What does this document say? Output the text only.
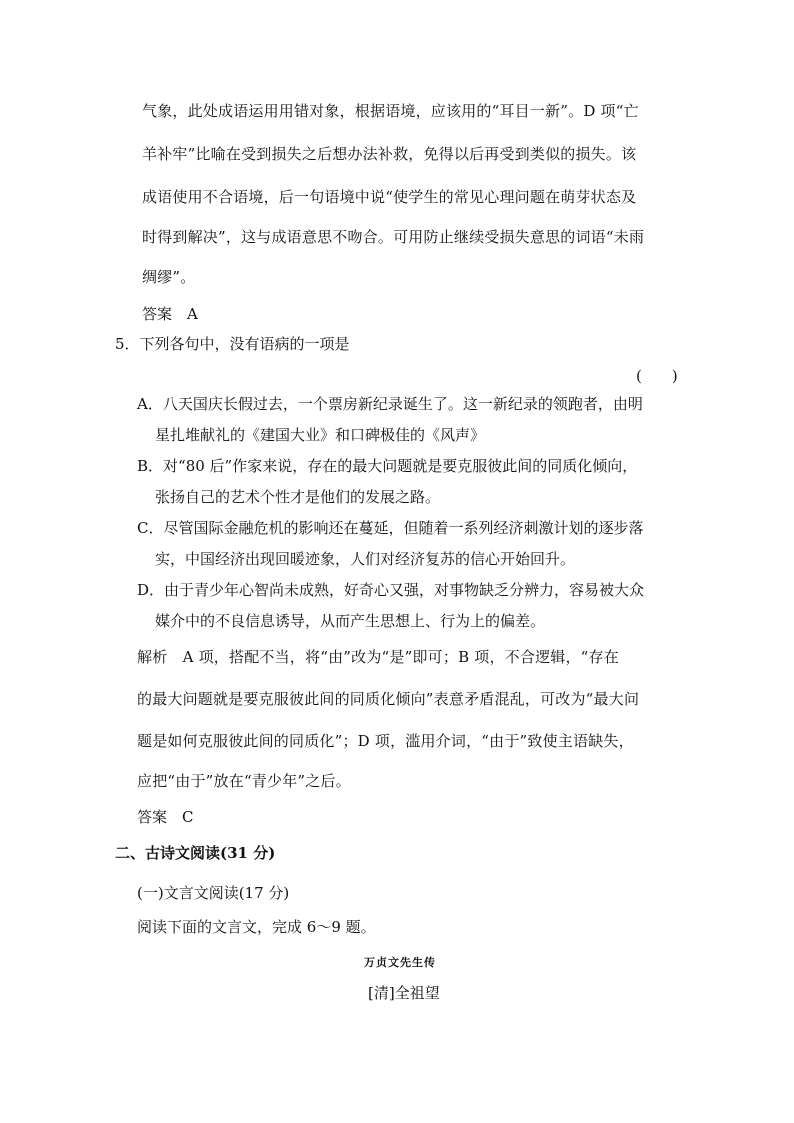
气象，此处成语运用用错对象，根据语境，应该用的“耳目一新”。D 项“亡
羊补牢”比喻在受到损失之后想办法补救，免得以后再受到类似的损失。该
成语使用不合语境，后一句语境中说“使学生的常见心理问题在萌芽状态及
时得到解决”，这与成语意思不吻合。可用防止继续受损失意思的词语“未雨
绸缪”。
答案　A
5．下列各句中，没有语病的一项是
(　　)
A．八天国庆长假过去，一个票房新纪录诞生了。这一新纪录的领跑者，由明
星扎堆献礼的《建国大业》和口碑极佳的《风声》
B．对“80 后”作家来说，存在的最大问题就是要克服彼此间的同质化倾向，
张扬自己的艺术个性才是他们的发展之路。
C．尽管国际金融危机的影响还在蔓延，但随着一系列经济刺激计划的逐步落
实，中国经济出现回暖迹象，人们对经济复苏的信心开始回升。
D．由于青少年心智尚未成熟，好奇心又强，对事物缺乏分辨力，容易被大众
媒介中的不良信息诱导，从而产生思想上、行为上的偏差。
解析　A 项，搭配不当，将“由”改为“是”即可；B 项，不合逻辑，“存在
的最大问题就是要克服彼此间的同质化倾向”表意矛盾混乱，可改为“最大问
题是如何克服彼此间的同质化”；D 项，滥用介词，“由于”致使主语缺失，
应把“由于”放在“青少年”之后。
答案　C
二、古诗文阅读(31 分)
(一)文言文阅读(17 分)
阅读下面的文言文，完成 6～9 题。
万贞文先生传
[清]全祖望
